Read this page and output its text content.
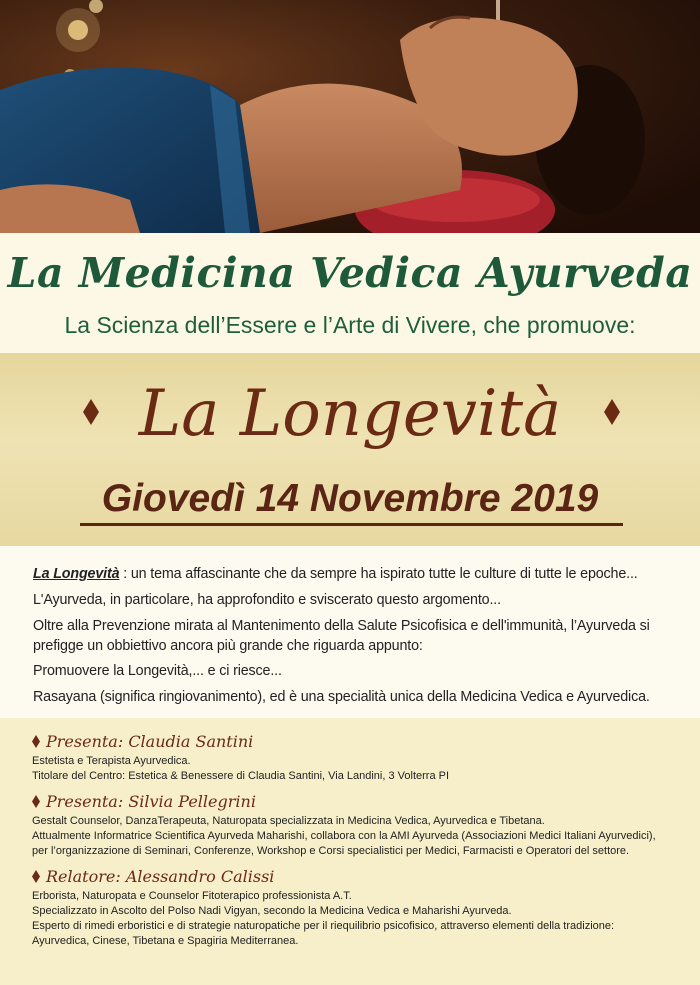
La Medicina Vedica Ayurveda
La Scienza dell’Essere e l’Arte di Vivere, che promuove:
La Longevità
Giovedì 14 Novembre 2019

La Longevità : un tema affascinante che da sempre ha ispirato tutte le culture di tutte le epoche...

L'Ayurveda, in particolare, ha approfondito e sviscerato questo argomento...

Oltre alla Prevenzione mirata al Mantenimento della Salute Psicofisica e dell'immunità, l’Ayurveda si prefigge un obbiettivo ancora più grande che riguarda appunto:

Promuovere la Longevità,... e ci riesce...

Rasayana (significa ringiovanimento), ed è una specialità unica della Medicina Vedica e Ayurvedica.

Presenta: Claudia Santini
Estetista e Terapista Ayurvedica.
Titolare del Centro: Estetica & Benessere di Claudia Santini, Via Landini, 3 Volterra PI
Presenta: Silvia Pellegrini
Gestalt Counselor, DanzaTerapeuta, Naturopata specializzata in Medicina Vedica, Ayurvedica e Tibetana.
Attualmente Informatrice Scientifica Ayurveda Maharishi, collabora con la AMI Ayurveda (Associazioni Medici Italiani Ayurvedici),
per l’organizzazione di Seminari, Conferenze, Workshop e Corsi specialistici per Medici, Farmacisti e Operatori del settore.
Relatore: Alessandro Calissi
Erborista, Naturopata e Counselor Fitoterapico professionista A.T.
Specializzato in Ascolto del Polso Nadi Vigyan, secondo la Medicina Vedica e Maharishi Ayurveda.
Esperto di rimedi erboristici e di strategie naturopatiche per il riequilibrio psicofisico, attraverso elementi della tradizione:
Ayurvedica, Cinese, Tibetana e Spagiria Mediterranea.
